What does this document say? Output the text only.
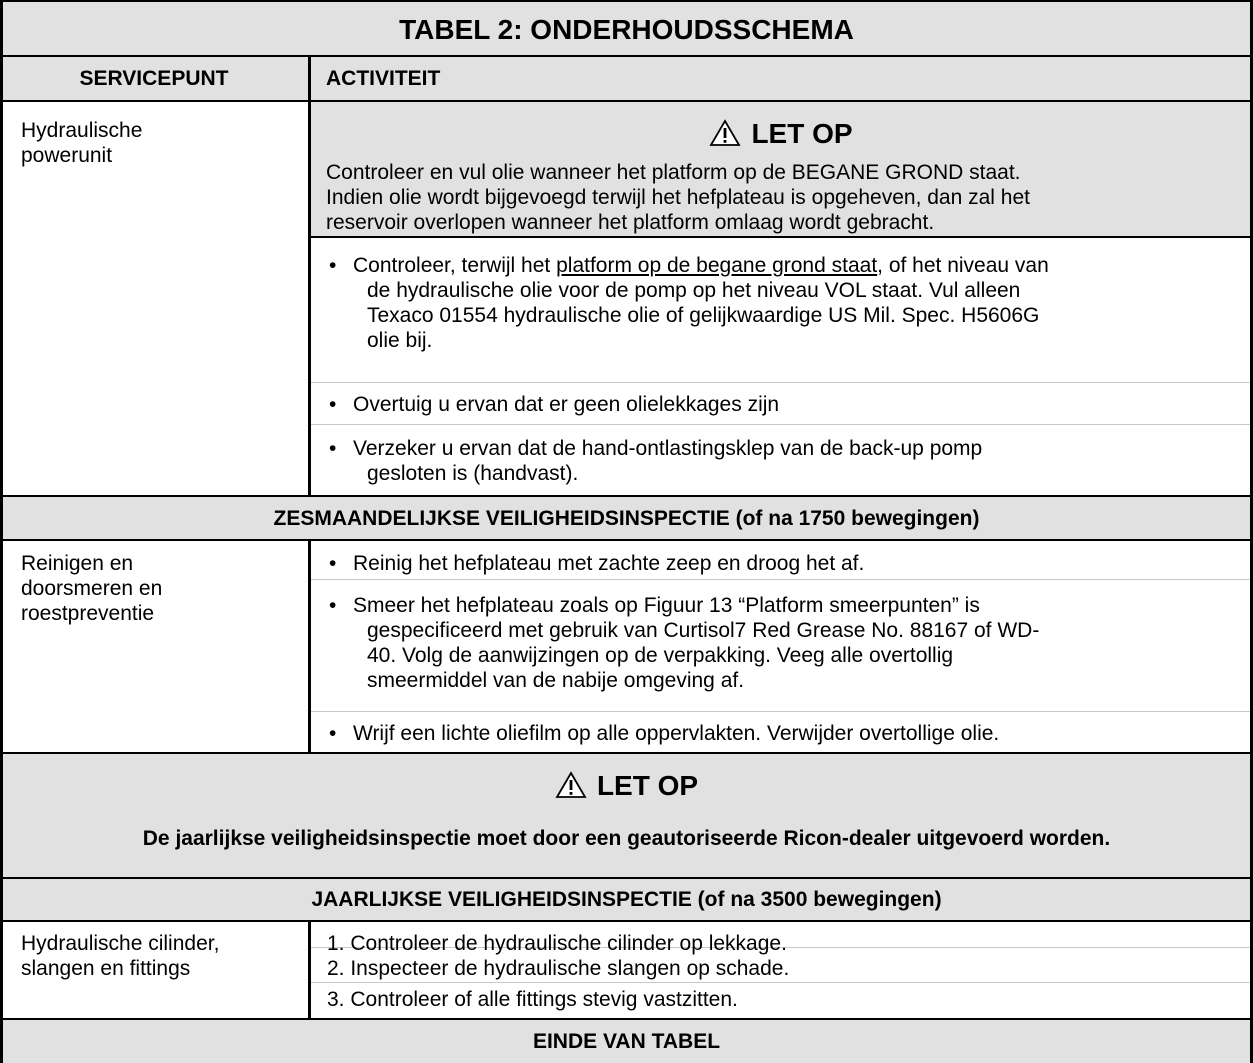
TABEL 2: ONDERHOUDSSCHEMA
SERVICEPUNT	ACTIVITEIT
Hydraulische
powerunit
LET OP
Controleer en vul olie wanneer het platform op de BEGANE GROND staat.
Indien olie wordt bijgevoegd terwijl het hefplateau is opgeheven, dan zal het
reservoir overlopen wanneer het platform omlaag wordt gebracht.
• Controleer, terwijl het platform op de begane grond staat, of het niveau van
de hydraulische olie voor de pomp op het niveau VOL staat. Vul alleen
Texaco 01554 hydraulische olie of gelijkwaardige US Mil. Spec. H5606G
olie bij.
• Overtuig u ervan dat er geen olielekkages zijn
• Verzeker u ervan dat de hand-ontlastingsklep van de back-up pomp
gesloten is (handvast).
ZESMAANDELIJKSE VEILIGHEIDSINSPECTIE (of na 1750 bewegingen)
Reinigen en
doorsmeren en
roestpreventie
• Reinig het hefplateau met zachte zeep en droog het af.
• Smeer het hefplateau zoals op Figuur 13 “Platform smeerpunten” is
gespecificeerd met gebruik van Curtisol7 Red Grease No. 88167 of WD-
40. Volg de aanwijzingen op de verpakking. Veeg alle overtollig
smeermiddel van de nabije omgeving af.
• Wrijf een lichte oliefilm op alle oppervlakten. Verwijder overtollige olie.
LET OP
De jaarlijkse veiligheidsinspectie moet door een geautoriseerde Ricon-dealer uitgevoerd worden.
JAARLIJKSE VEILIGHEIDSINSPECTIE (of na 3500 bewegingen)
Hydraulische cilinder,
slangen en fittings
1. Controleer de hydraulische cilinder op lekkage.
2. Inspecteer de hydraulische slangen op schade.
3. Controleer of alle fittings stevig vastzitten.
EINDE VAN TABEL
